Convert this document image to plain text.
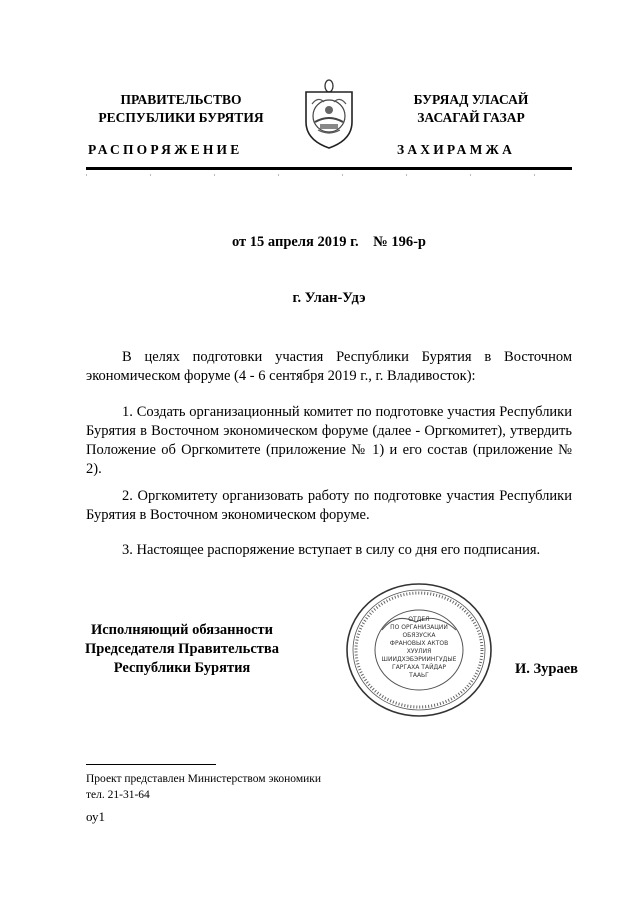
ПРАВИТЕЛЬСТВО
РЕСПУБЛИКИ БУРЯТИЯ
БУРЯАД УЛАСАЙ
ЗАСАГАЙ ГАЗАР
РАСПОРЯЖЕНИЕ	ЗАХИРАМЖА
от 15 апреля 2019 г.    № 196-р
г. Улан-Удэ
В целях подготовки участия Республики Бурятия в Восточном экономическом форуме (4 - 6 сентября 2019 г., г. Владивосток):
1. Создать организационный комитет по подготовке участия Республики Бурятия в Восточном экономическом форуме (далее - Оргкомитет), утвердить Положение об Оргкомитете (приложение № 1) и его состав (приложение № 2).
2. Оргкомитету организовать работу по подготовке участия Республики Бурятия в Восточном экономическом форуме.
3. Настоящее распоряжение вступает в силу со дня его подписания.
Исполняющий обязанности
Председателя Правительства
Республики Бурятия
ОТДЕЛ
ПО ОРГАНИЗАЦИИ
ОБЯЗУСКА
ФРАНОВЫХ АКТОВ
ХУУЛИЯ
ШИИДХЭБЭРИИНГУДЫЕ
ГАРГАХА ТАЙДАР
ТААЬГ	И. Зураев
Проект представлен Министерством экономики
тел. 21-31-64
оу1
